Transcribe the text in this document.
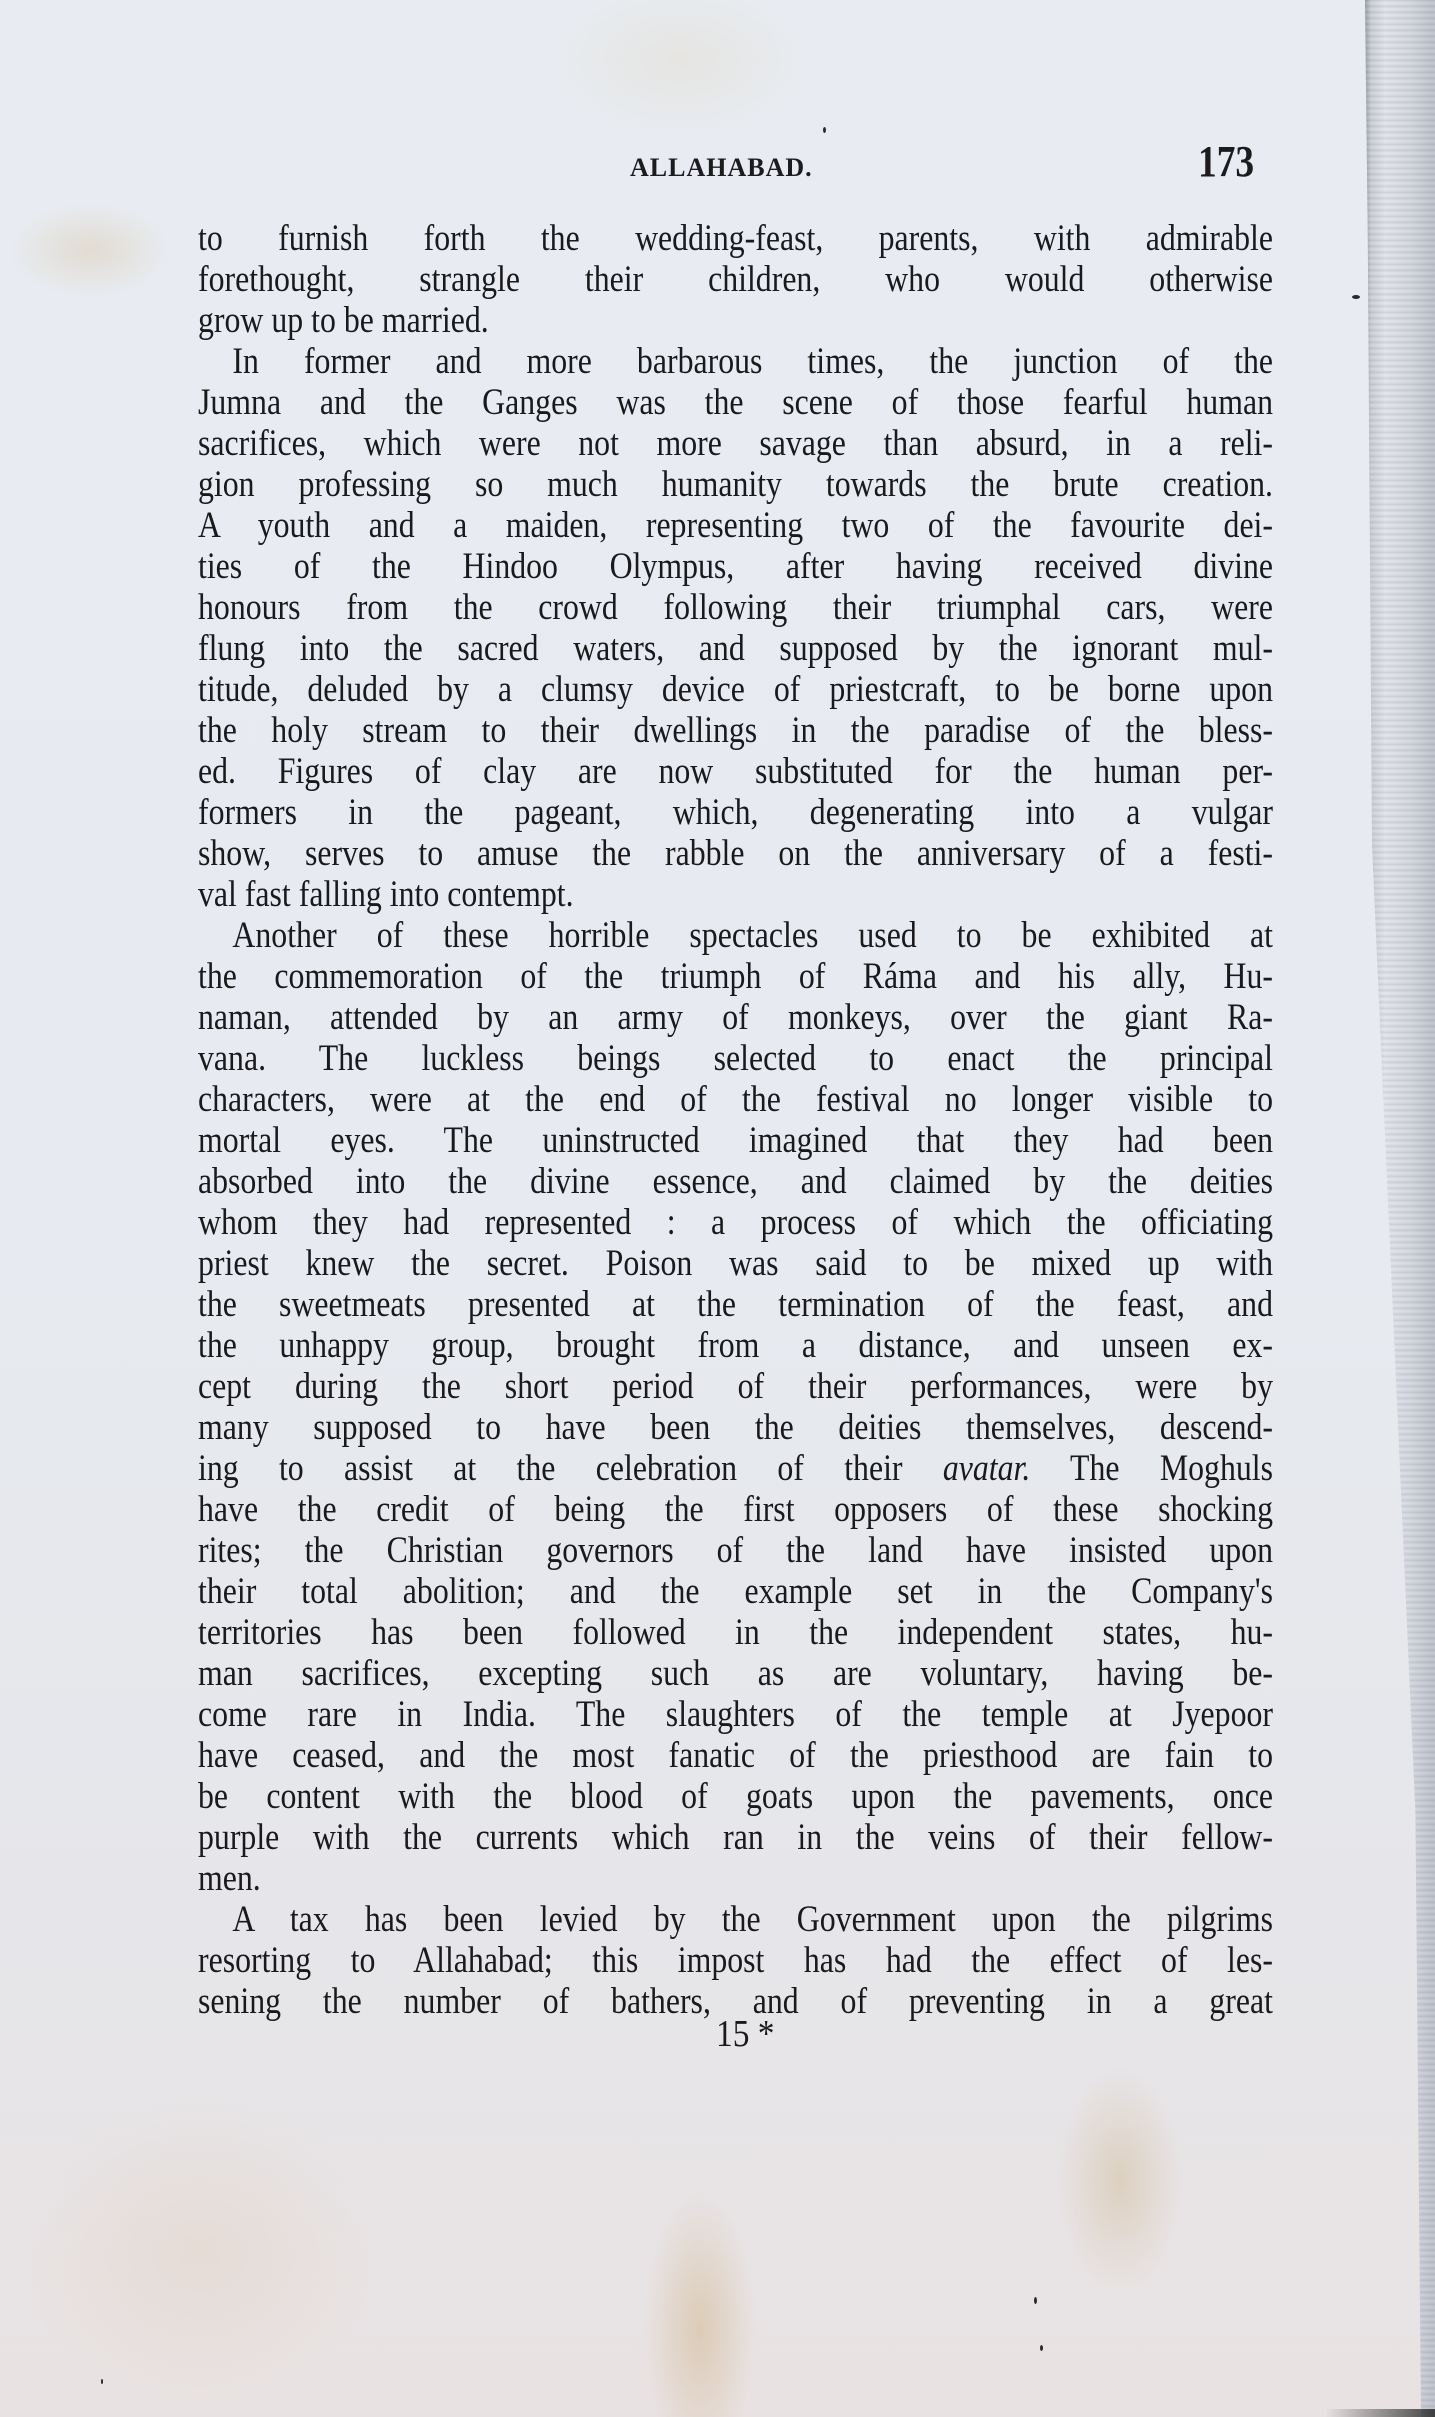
ALLAHABAD.	173
to furnish forth the wedding-feast, parents, with admirable
forethought, strangle their children, who would otherwise
grow up to be married.
In former and more barbarous times, the junction of the
Jumna and the Ganges was the scene of those fearful human
sacrifices, which were not more savage than absurd, in a reli-
gion professing so much humanity towards the brute creation.
A youth and a maiden, representing two of the favourite dei-
ties of the Hindoo Olympus, after having received divine
honours from the crowd following their triumphal cars, were
flung into the sacred waters, and supposed by the ignorant mul-
titude, deluded by a clumsy device of priestcraft, to be borne upon
the holy stream to their dwellings in the paradise of the bless-
ed. Figures of clay are now substituted for the human per-
formers in the pageant, which, degenerating into a vulgar
show, serves to amuse the rabble on the anniversary of a festi-
val fast falling into contempt.
Another of these horrible spectacles used to be exhibited at
the commemoration of the triumph of Ráma and his ally, Hu-
naman, attended by an army of monkeys, over the giant Ra-
vana. The luckless beings selected to enact the principal
characters, were at the end of the festival no longer visible to
mortal eyes. The uninstructed imagined that they had been
absorbed into the divine essence, and claimed by the deities
whom they had represented : a process of which the officiating
priest knew the secret. Poison was said to be mixed up with
the sweetmeats presented at the termination of the feast, and
the unhappy group, brought from a distance, and unseen ex-
cept during the short period of their performances, were by
many supposed to have been the deities themselves, descend-
ing to assist at the celebration of their avatar. The Moghuls
have the credit of being the first opposers of these shocking
rites; the Christian governors of the land have insisted upon
their total abolition; and the example set in the Company's
territories has been followed in the independent states, hu-
man sacrifices, excepting such as are voluntary, having be-
come rare in India. The slaughters of the temple at Jyepoor
have ceased, and the most fanatic of the priesthood are fain to
be content with the blood of goats upon the pavements, once
purple with the currents which ran in the veins of their fellow-
men.
A tax has been levied by the Government upon the pilgrims
resorting to Allahabad; this impost has had the effect of les-
sening the number of bathers, and of preventing in a great
15 *
